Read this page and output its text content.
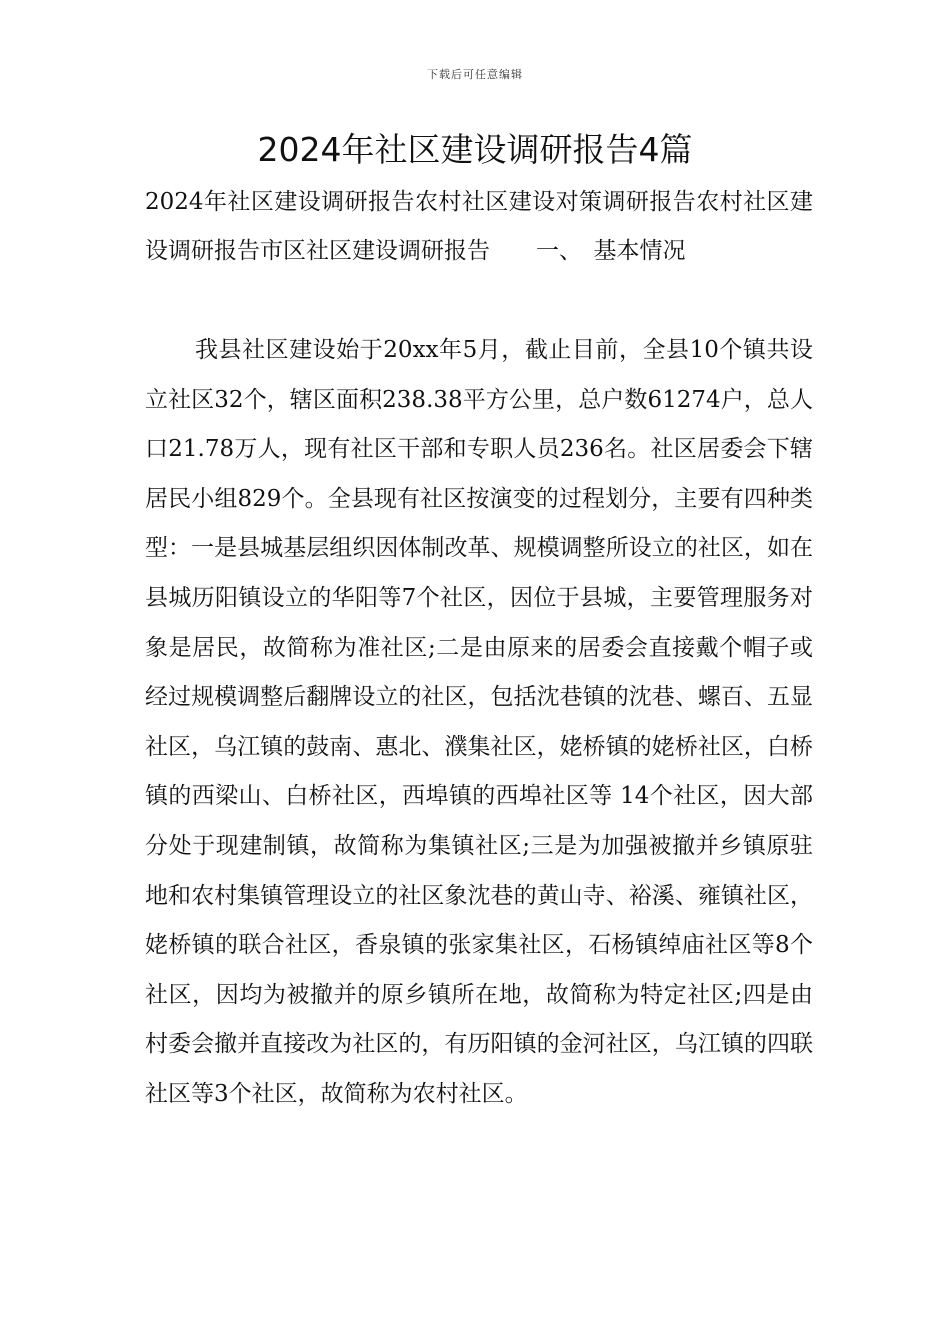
下载后可任意编辑
2024年社区建设调研报告4篇

2024年社区建设调研报告农村社区建设对策调研报告农村社区建设调研报告市区社区建设调研报告　　一、　基本情况

我县社区建设始于20xx年5月，截止目前，全县10个镇共设立社区32个，辖区面积238.38平方公里，总户数61274户，总人口21.78万人，现有社区干部和专职人员236名。社区居委会下辖居民小组829个。全县现有社区按演变的过程划分，主要有四种类型：一是县城基层组织因体制改革、规模调整所设立的社区，如在县城历阳镇设立的华阳等7个社区，因位于县城，主要管理服务对象是居民，故简称为准社区;二是由原来的居委会直接戴个帽子或经过规模调整后翻牌设立的社区，包括沈巷镇的沈巷、螺百、五显社区，乌江镇的鼓南、惠北、濮集社区，姥桥镇的姥桥社区，白桥镇的西梁山、白桥社区，西埠镇的西埠社区等 14个社区，因大部分处于现建制镇，故简称为集镇社区;三是为加强被撤并乡镇原驻地和农村集镇管理设立的社区象沈巷的黄山寺、裕溪、雍镇社区，姥桥镇的联合社区，香泉镇的张家集社区，石杨镇绰庙社区等8个社区，因均为被撤并的原乡镇所在地，故简称为特定社区;四是由村委会撤并直接改为社区的，有历阳镇的金河社区，乌江镇的四联社区等3个社区，故简称为农村社区。
